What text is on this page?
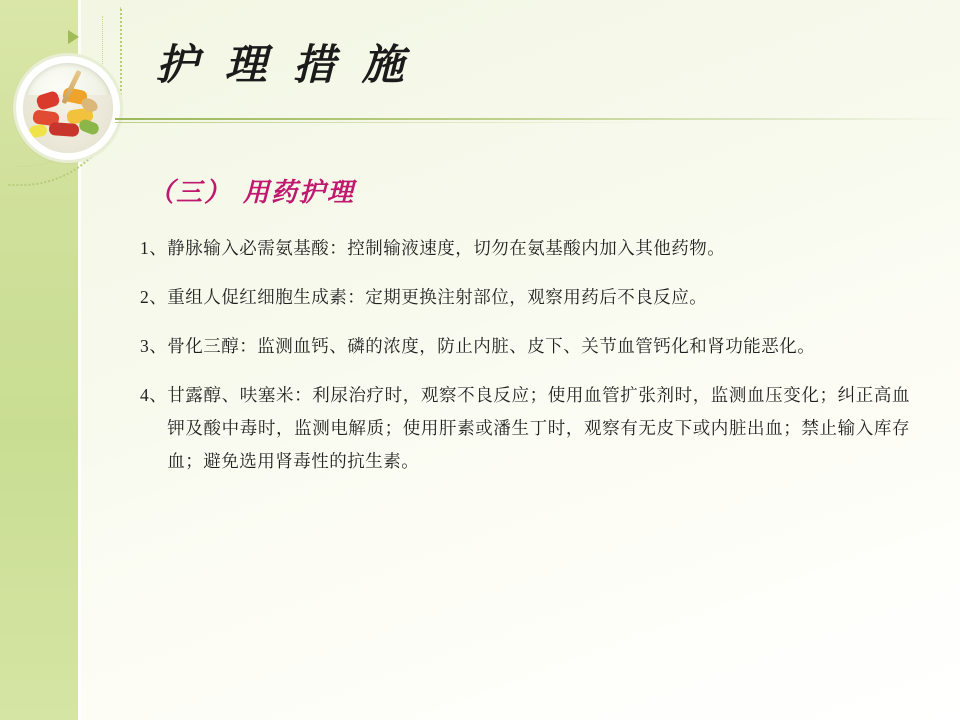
护 理 措 施
（三） 用药护理
1、 静脉输入必需氨基酸：控制输液速度，切勿在氨基酸内加入其他药物。
2、 重组人促红细胞生成素：定期更换注射部位，观察用药后不良反应。
3、 骨化三醇：监测血钙、磷的浓度，防止内脏、皮下、关节血管钙化和肾功能恶化。
4、 甘露醇、呋塞米：利尿治疗时，观察不良反应；使用血管扩张剂时，监测血压变化；纠正高血钾及酸中毒时，监测电解质；使用肝素或潘生丁时，观察有无皮下或内脏出血；禁止输入库存血；避免选用肾毒性的抗生素。
